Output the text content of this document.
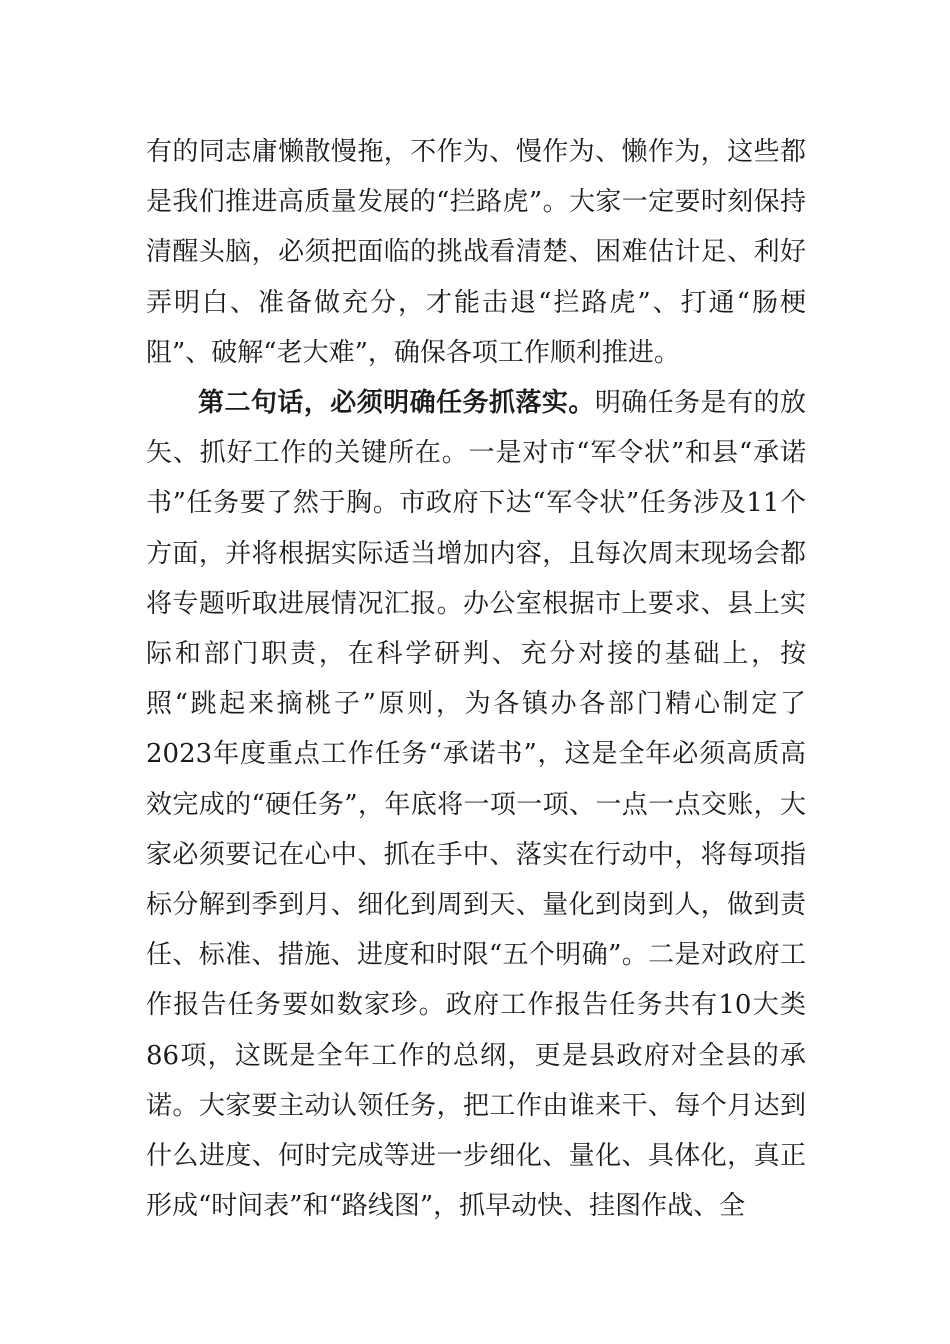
有的同志庸懒散慢拖，不作为、慢作为、懒作为，这些都是我们推进高质量发展的“拦路虎”。大家一定要时刻保持清醒头脑，必须把面临的挑战看清楚、困难估计足、利好弄明白、准备做充分，才能击退“拦路虎”、打通“肠梗阻”、破解“老大难”，确保各项工作顺利推进。

第二句话，必须明确任务抓落实。明确任务是有的放矢、抓好工作的关键所在。一是对市“军令状”和县“承诺书”任务要了然于胸。市政府下达“军令状”任务涉及11个方面，并将根据实际适当增加内容，且每次周末现场会都将专题听取进展情况汇报。办公室根据市上要求、县上实际和部门职责，在科学研判、充分对接的基础上，按照“跳起来摘桃子”原则，为各镇办各部门精心制定了2023年度重点工作任务“承诺书”，这是全年必须高质高效完成的“硬任务”，年底将一项一项、一点一点交账，大家必须要记在心中、抓在手中、落实在行动中，将每项指标分解到季到月、细化到周到天、量化到岗到人，做到责任、标准、措施、进度和时限“五个明确”。二是对政府工作报告任务要如数家珍。政府工作报告任务共有10大类86项，这既是全年工作的总纲，更是县政府对全县的承诺。大家要主动认领任务，把工作由谁来干、每个月达到什么进度、何时完成等进一步细化、量化、具体化，真正形成“时间表”和“路线图”，抓早动快、挂图作战、全
